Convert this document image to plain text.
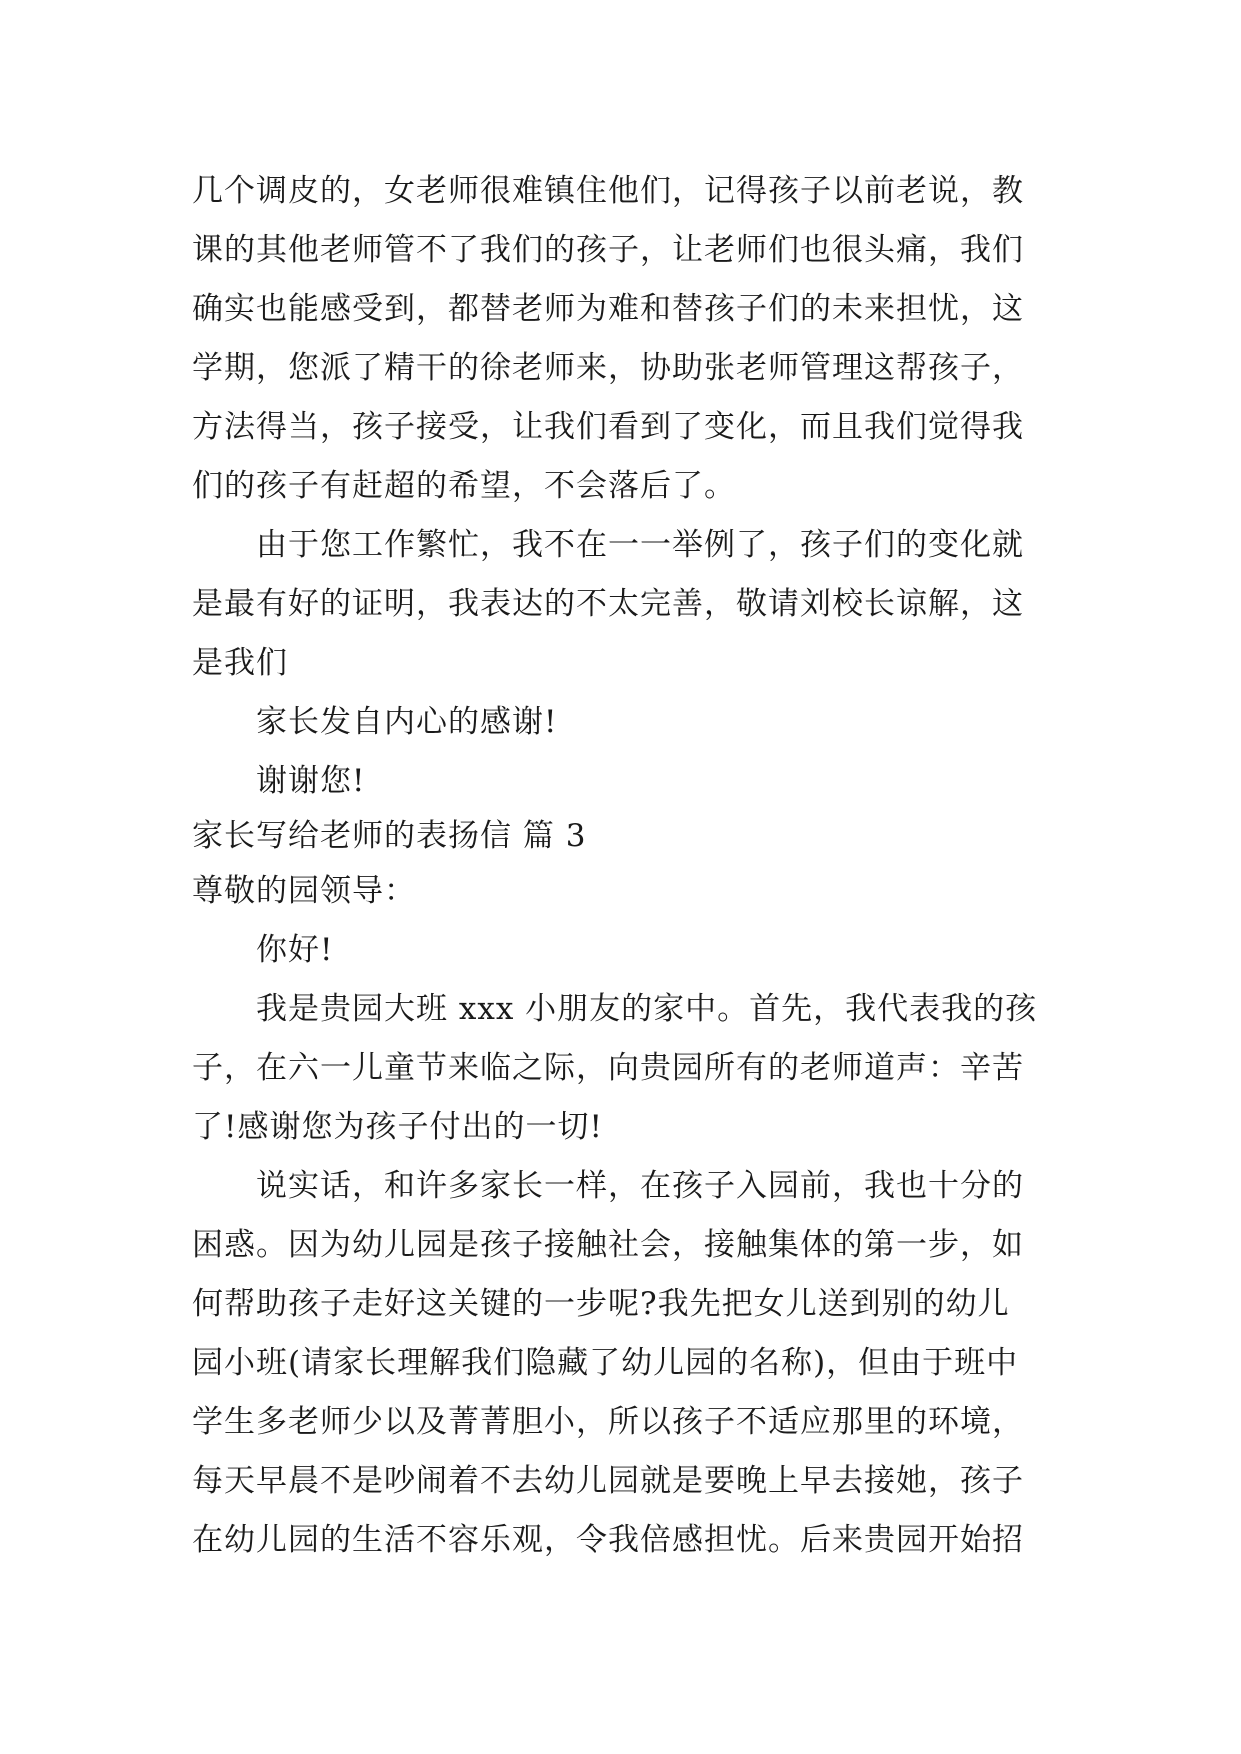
几个调皮的，女老师很难镇住他们，记得孩子以前老说，教
课的其他老师管不了我们的孩子，让老师们也很头痛，我们
确实也能感受到，都替老师为难和替孩子们的未来担忧，这
学期，您派了精干的徐老师来，协助张老师管理这帮孩子，
方法得当，孩子接受，让我们看到了变化，而且我们觉得我
们的孩子有赶超的希望，不会落后了。
由于您工作繁忙，我不在一一举例了，孩子们的变化就
是最有好的证明，我表达的不太完善，敬请刘校长谅解，这
是我们
家长发自内心的感谢!
谢谢您!
家长写给老师的表扬信 篇 3
尊敬的园领导：
你好!
我是贵园大班 xxx 小朋友的家中。首先，我代表我的孩
子，在六一儿童节来临之际，向贵园所有的老师道声：辛苦
了!感谢您为孩子付出的一切!
说实话，和许多家长一样，在孩子入园前，我也十分的
困惑。因为幼儿园是孩子接触社会，接触集体的第一步，如
何帮助孩子走好这关键的一步呢?我先把女儿送到别的幼儿
园小班(请家长理解我们隐藏了幼儿园的名称)，但由于班中
学生多老师少以及菁菁胆小，所以孩子不适应那里的环境，
每天早晨不是吵闹着不去幼儿园就是要晚上早去接她，孩子
在幼儿园的生活不容乐观，令我倍感担忧。后来贵园开始招
